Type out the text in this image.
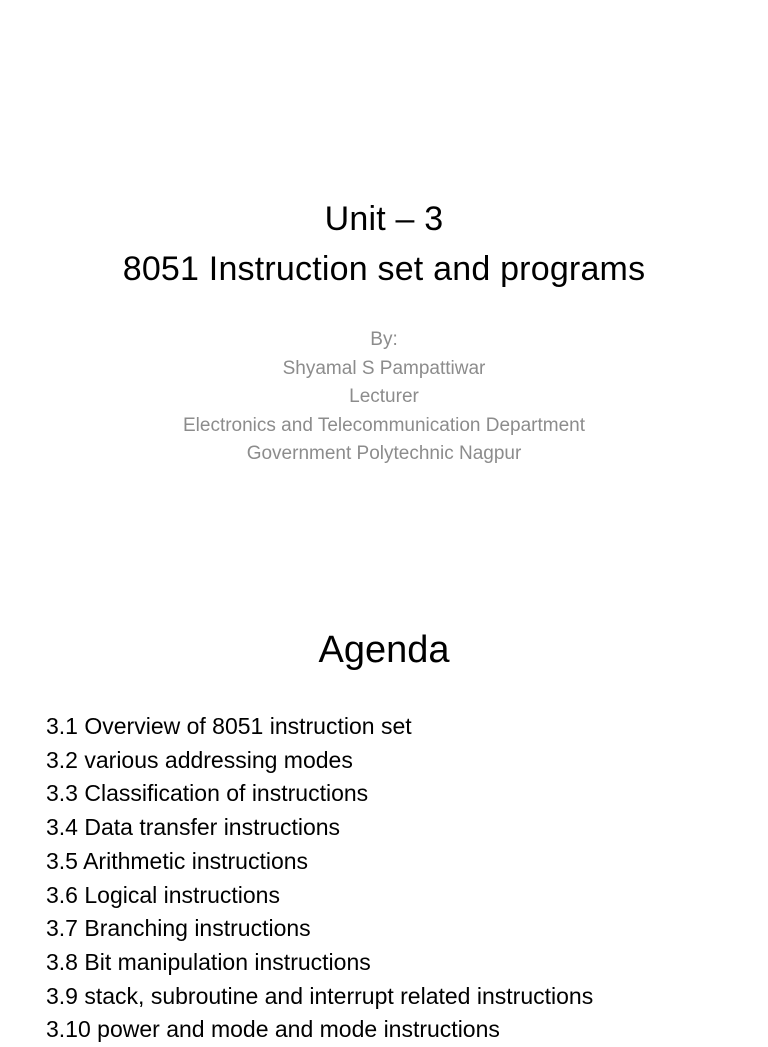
Unit – 3
8051 Instruction set and programs
By:
Shyamal S Pampattiwar
Lecturer
Electronics and Telecommunication Department
Government Polytechnic Nagpur
Agenda
3.1 Overview of 8051 instruction set
3.2 various addressing modes
3.3 Classification of instructions
3.4 Data transfer instructions
3.5 Arithmetic instructions
3.6 Logical instructions
3.7 Branching instructions
3.8 Bit manipulation instructions
3.9 stack, subroutine and interrupt related instructions
3.10 power and mode and mode instructions
